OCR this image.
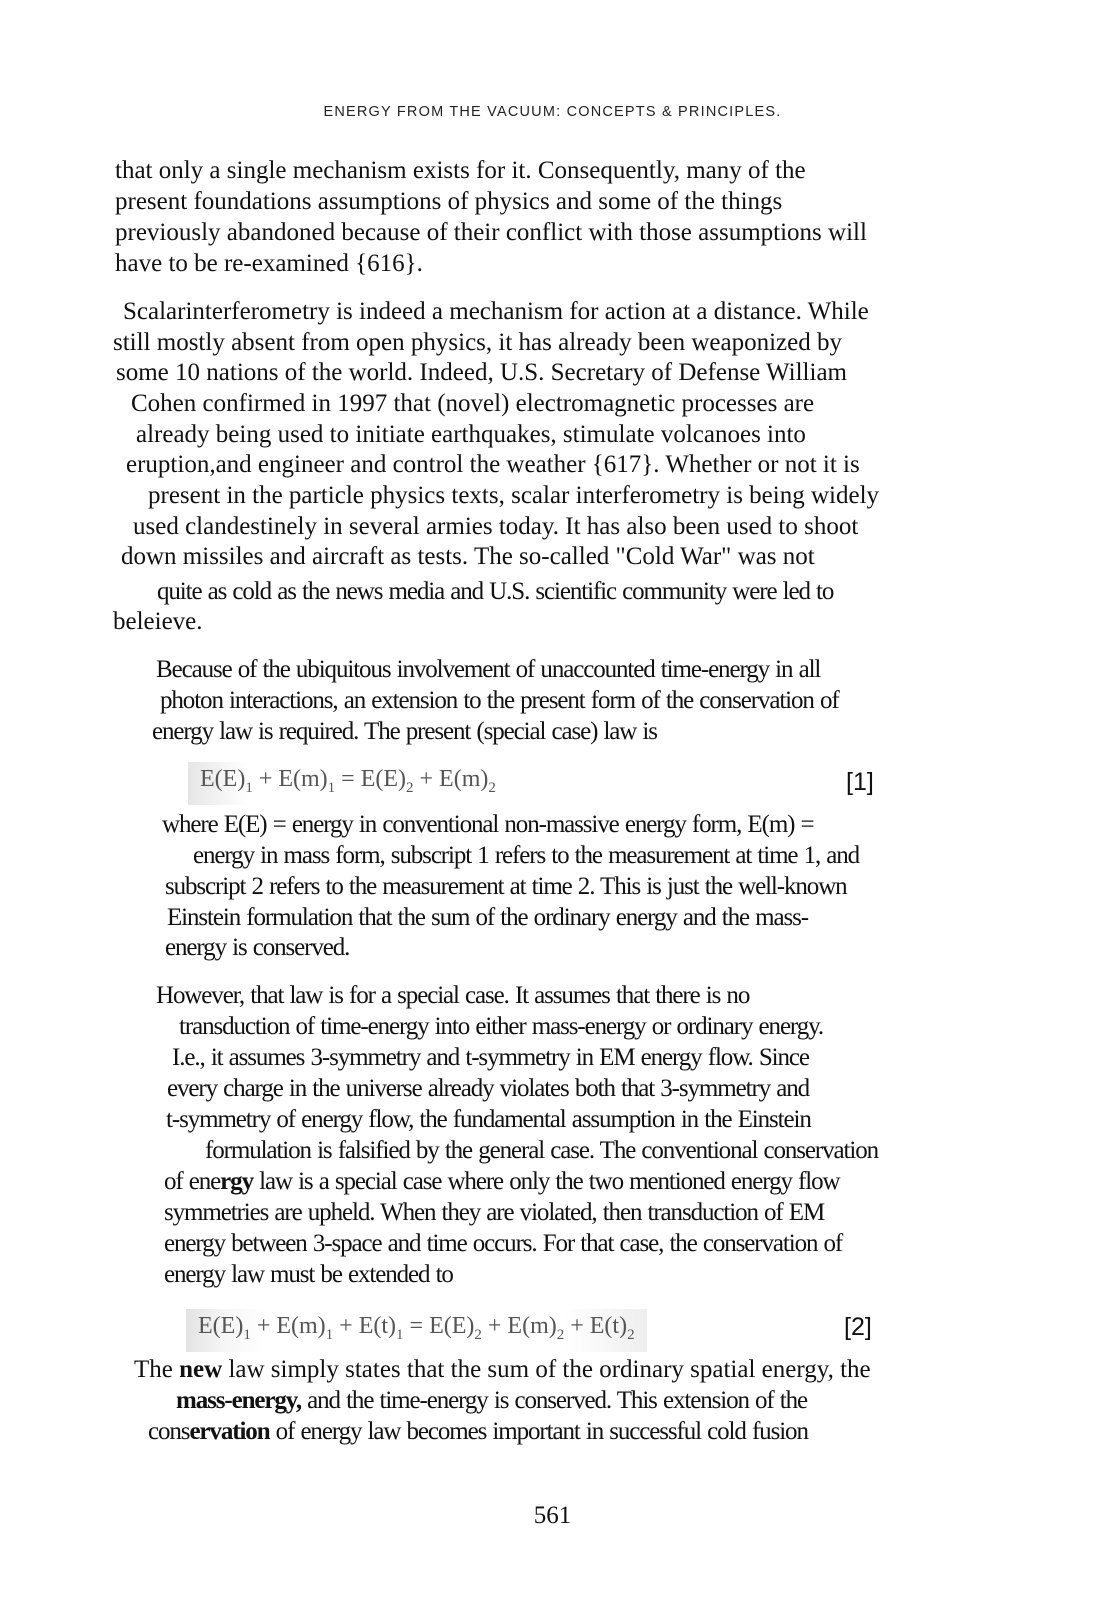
ENERGY FROM THE VACUUM: CONCEPTS & PRINCIPLES.
that only a single mechanism exists for it. Consequently, many of the
present foundations assumptions of physics and some of the things
previously abandoned because of their conflict with those assumptions will
have to be re-examined {616}.
Scalarinterferometry is indeed a mechanism for action at a distance. While
still mostly absent from open physics, it has already been weaponized by
some 10 nations of the world. Indeed, U.S. Secretary of Defense William
Cohen confirmed in 1997 that (novel) electromagnetic processes are
already being used to initiate earthquakes, stimulate volcanoes into
eruption,and engineer and control the weather {617}. Whether or not it is
present in the particle physics texts, scalar interferometry is being widely
used clandestinely in several armies today. It has also been used to shoot
down missiles and aircraft as tests. The so-called "Cold War" was not
quite as cold as the news media and U.S. scientific community were led to
beleieve.
Because of the ubiquitous involvement of unaccounted time-energy in all
photon interactions, an extension to the present form of the conservation of
energy law is required. The present (special case) law is
$E(E)_1 + E(m)_1 = E(E)_2 + E(m)_2$	[1]
where E(E) = energy in conventional non-massive energy form, E(m) =
energy in mass form, subscript 1 refers to the measurement at time 1, and
subscript 2 refers to the measurement at time 2. This is just the well-known
Einstein formulation that the sum of the ordinary energy and the mass-
energy is conserved.
However, that law is for a special case. It assumes that there is no
transduction of time-energy into either mass-energy or ordinary energy.
I.e., it assumes 3-symmetry and t-symmetry in EM energy flow. Since
every charge in the universe already violates both that 3-symmetry and
t-symmetry of energy flow, the fundamental assumption in the Einstein
formulation is falsified by the general case. The conventional conservation
of energy law is a special case where only the two mentioned energy flow
symmetries are upheld. When they are violated, then transduction of EM
energy between 3-space and time occurs. For that case, the conservation of
energy law must be extended to
$E(E)_1 + E(m)_1 + E(t)_1 = E(E)_2 + E(m)_2 + E(t)_2$	[2]
The new law simply states that the sum of the ordinary spatial energy, the
mass-energy, and the time-energy is conserved. This extension of the
conservation of energy law becomes important in successful cold fusion
561
